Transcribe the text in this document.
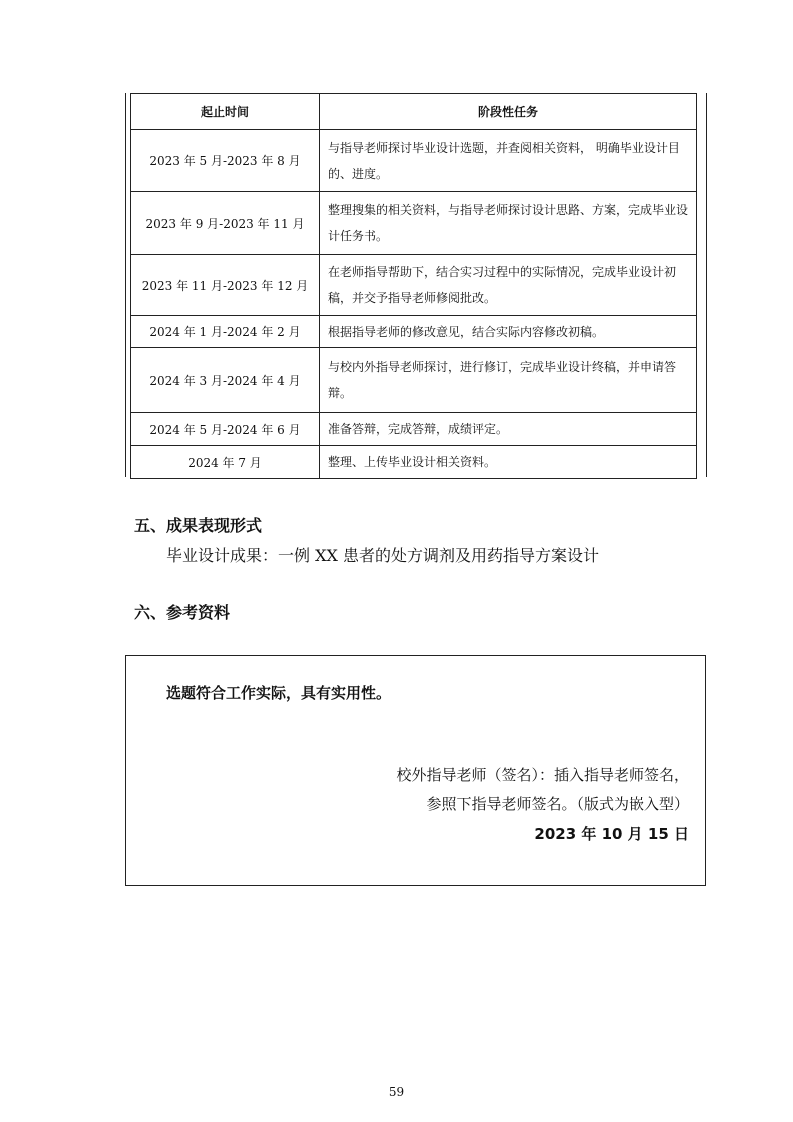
起止时间	阶段性任务
2023 年 5 月-2023 年 8 月	与指导老师探讨毕业设计选题，并查阅相关资料， 明确毕业设计目的、进度。
2023 年 9 月-2023 年 11 月	整理搜集的相关资料，与指导老师探讨设计思路、方案，完成毕业设计任务书。
2023 年 11 月-2023 年 12 月	在老师指导帮助下，结合实习过程中的实际情况，完成毕业设计初稿，并交予指导老师修阅批改。
2024 年 1 月-2024 年 2 月	根据指导老师的修改意见，结合实际内容修改初稿。
2024 年 3 月-2024 年 4 月	与校内外指导老师探讨，进行修订，完成毕业设计终稿，并申请答辩。
2024 年 5 月-2024 年 6 月	准备答辩，完成答辩，成绩评定。
2024 年 7 月	整理、上传毕业设计相关资料。
五、成果表现形式
毕业设计成果：一例 XX 患者的处方调剂及用药指导方案设计
六、参考资料
选题符合工作实际，具有实用性。
校外指导老师（签名）：插入指导老师签名，
参照下指导老师签名。（版式为嵌入型）
2023 年 10 月 15 日
59
